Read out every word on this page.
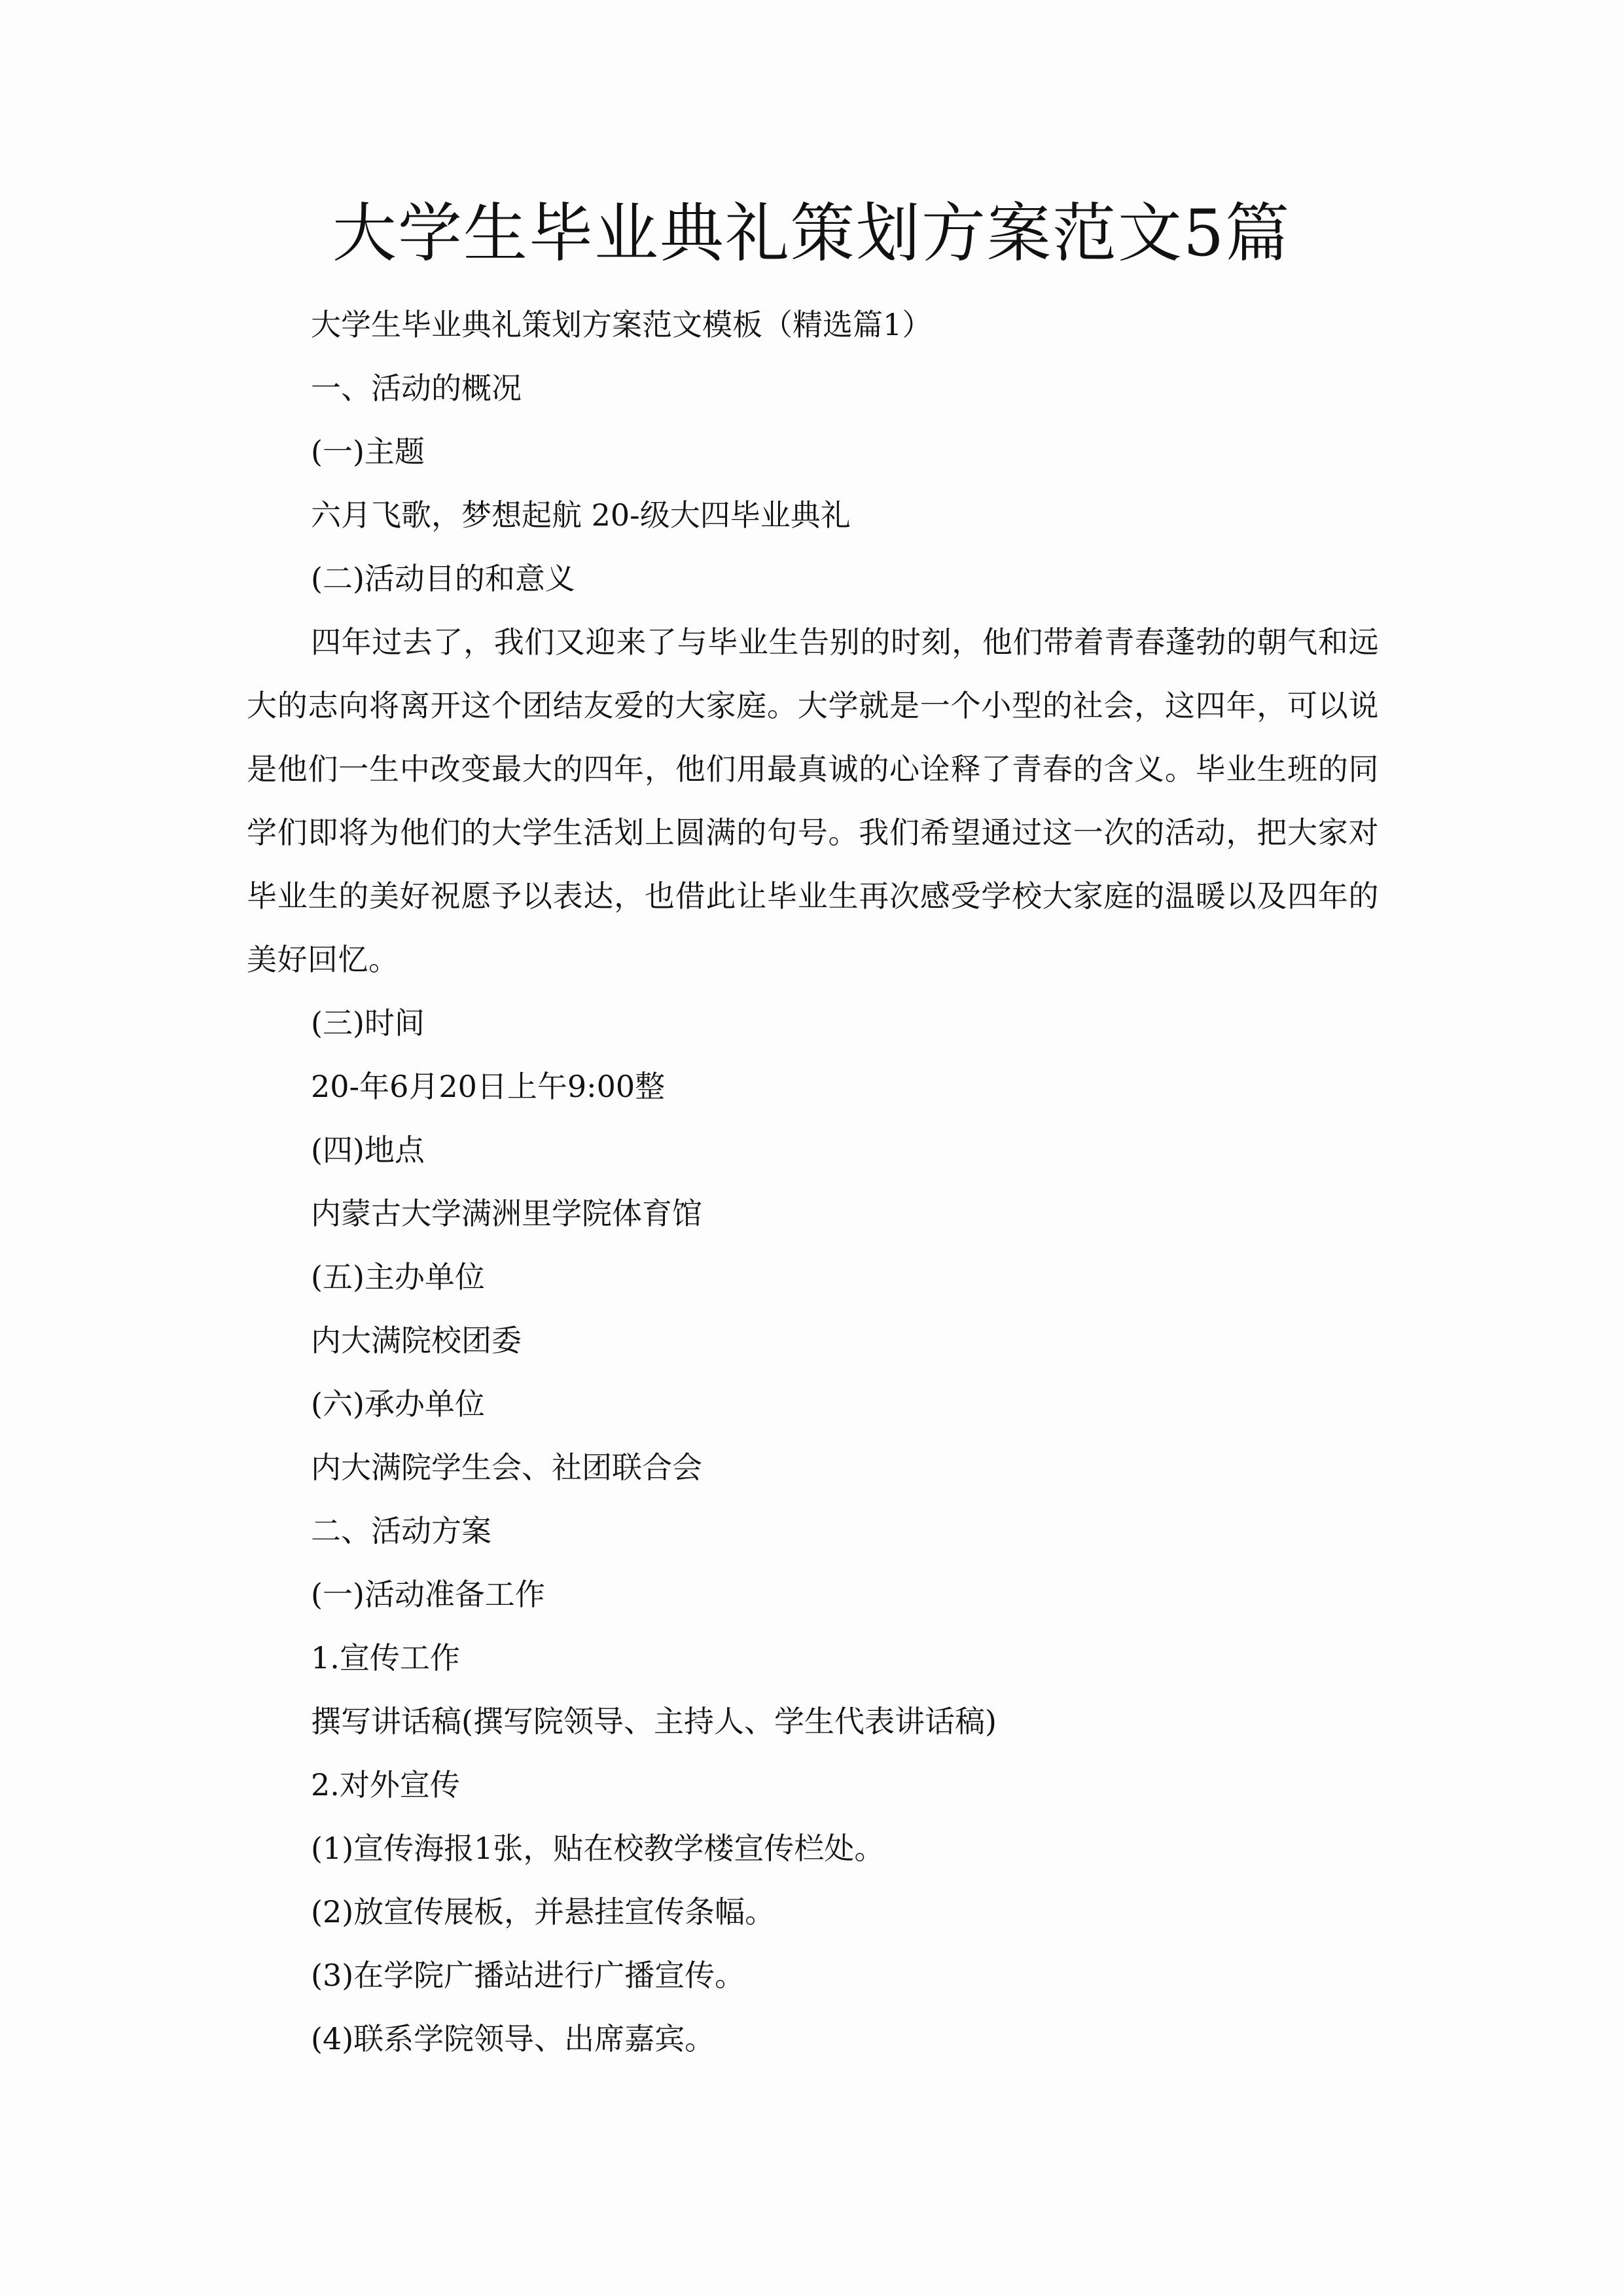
大学生毕业典礼策划方案范文5篇

大学生毕业典礼策划方案范文模板（精选篇1）

一、活动的概况

(一)主题

六月飞歌，梦想起航 20-级大四毕业典礼

(二)活动目的和意义

四年过去了，我们又迎来了与毕业生告别的时刻，他们带着青春蓬勃的朝气和远大的志向将离开这个团结友爱的大家庭。大学就是一个小型的社会，这四年，可以说是他们一生中改变最大的四年，他们用最真诚的心诠释了青春的含义。毕业生班的同学们即将为他们的大学生活划上圆满的句号。我们希望通过这一次的活动，把大家对毕业生的美好祝愿予以表达，也借此让毕业生再次感受学校大家庭的温暖以及四年的美好回忆。

(三)时间

20-年6月20日上午9:00整

(四)地点

内蒙古大学满洲里学院体育馆

(五)主办单位

内大满院校团委

(六)承办单位

内大满院学生会、社团联合会

二、活动方案

(一)活动准备工作

1.宣传工作

撰写讲话稿(撰写院领导、主持人、学生代表讲话稿)

2.对外宣传

(1)宣传海报1张，贴在校教学楼宣传栏处。

(2)放宣传展板，并悬挂宣传条幅。

(3)在学院广播站进行广播宣传。

(4)联系学院领导、出席嘉宾。
